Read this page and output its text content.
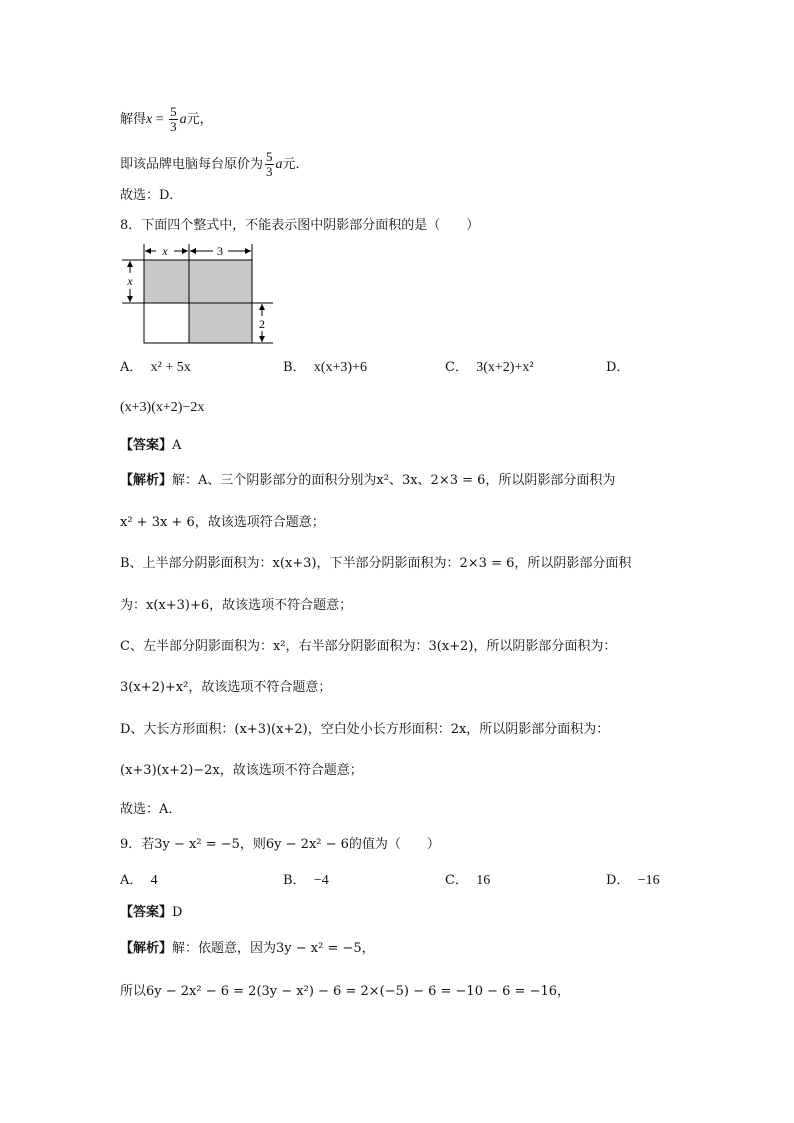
解得$x = \frac{5}{3}$ a元，
即该品牌电脑每台原价为 $\frac{5}{3}$ a元．
故选：D．
8．下面四个整式中，不能表示图中阴影部分面积的是（　　）
x	3
x
2
A． x² + 5x	B． x(x+3)+6	C． 3(x+2)+x²	D．
(x+3)(x+2)−2x
【答案】A
【解析】解：A、三个阴影部分的面积分别为x²、3x、2×3 = 6，所以阴影部分面积为
x² + 3x + 6，故该选项符合题意；
B、上半部分阴影面积为：x(x+3)，下半部分阴影面积为：2×3 = 6，所以阴影部分面积
为：x(x+3)+6，故该选项不符合题意；
C、左半部分阴影面积为：x²，右半部分阴影面积为：3(x+2)，所以阴影部分面积为：
3(x+2)+x²，故该选项不符合题意；
D、大长方形面积：(x+3)(x+2)，空白处小长方形面积：2x，所以阴影部分面积为：
(x+3)(x+2)−2x，故该选项不符合题意；
故选：A．
9．若3y − x² = −5，则6y − 2x² − 6的值为（　　）
A． 4	B． −4	C． 16	D． −16
【答案】D
【解析】解：依题意，因为3y − x² = −5，
所以6y − 2x² − 6 = 2(3y − x²) − 6 = 2×(−5) − 6 = −10 − 6 = −16，
